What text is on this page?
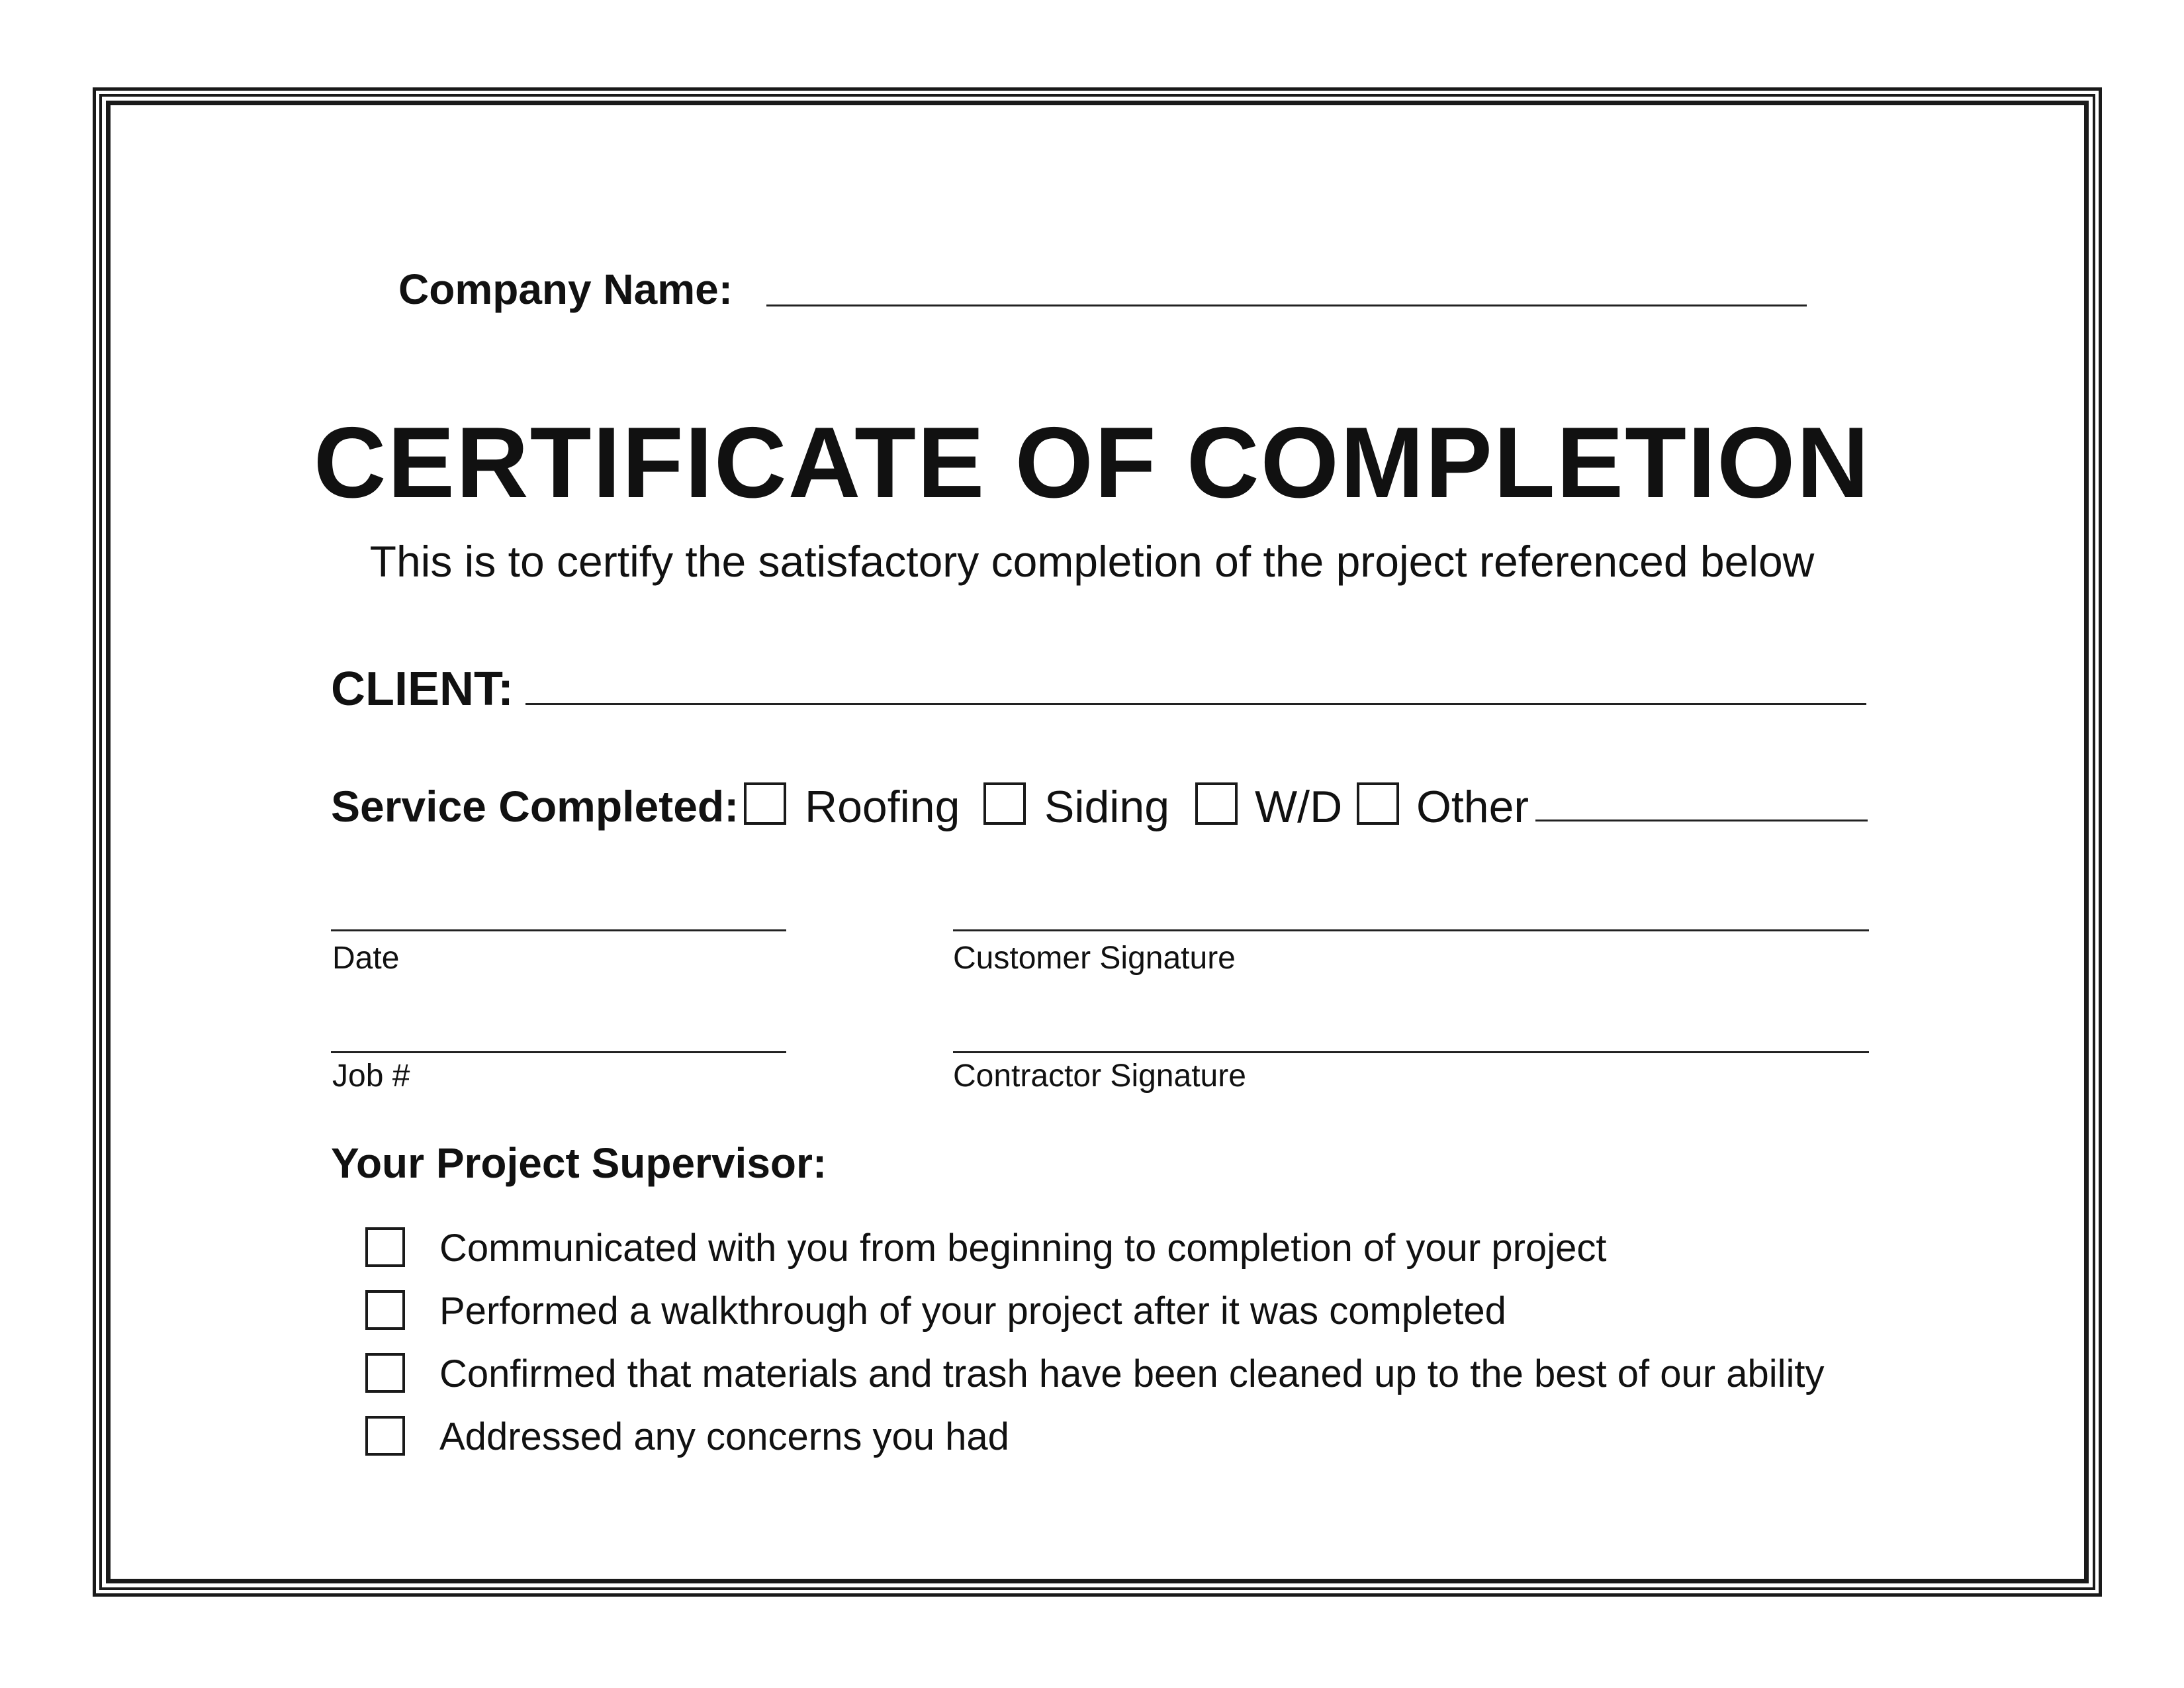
Company Name:
CERTIFICATE OF COMPLETION
This is to certify the satisfactory completion of the project referenced below
CLIENT:
Service Completed: Roofing Siding W/D Other
Date	Customer Signature
Job #	Contractor Signature
Your Project Supervisor:
Communicated with you from beginning to completion of your project
Performed a walkthrough of your project after it was completed
Confirmed that materials and trash have been cleaned up to the best of our ability
Addressed any concerns you had
